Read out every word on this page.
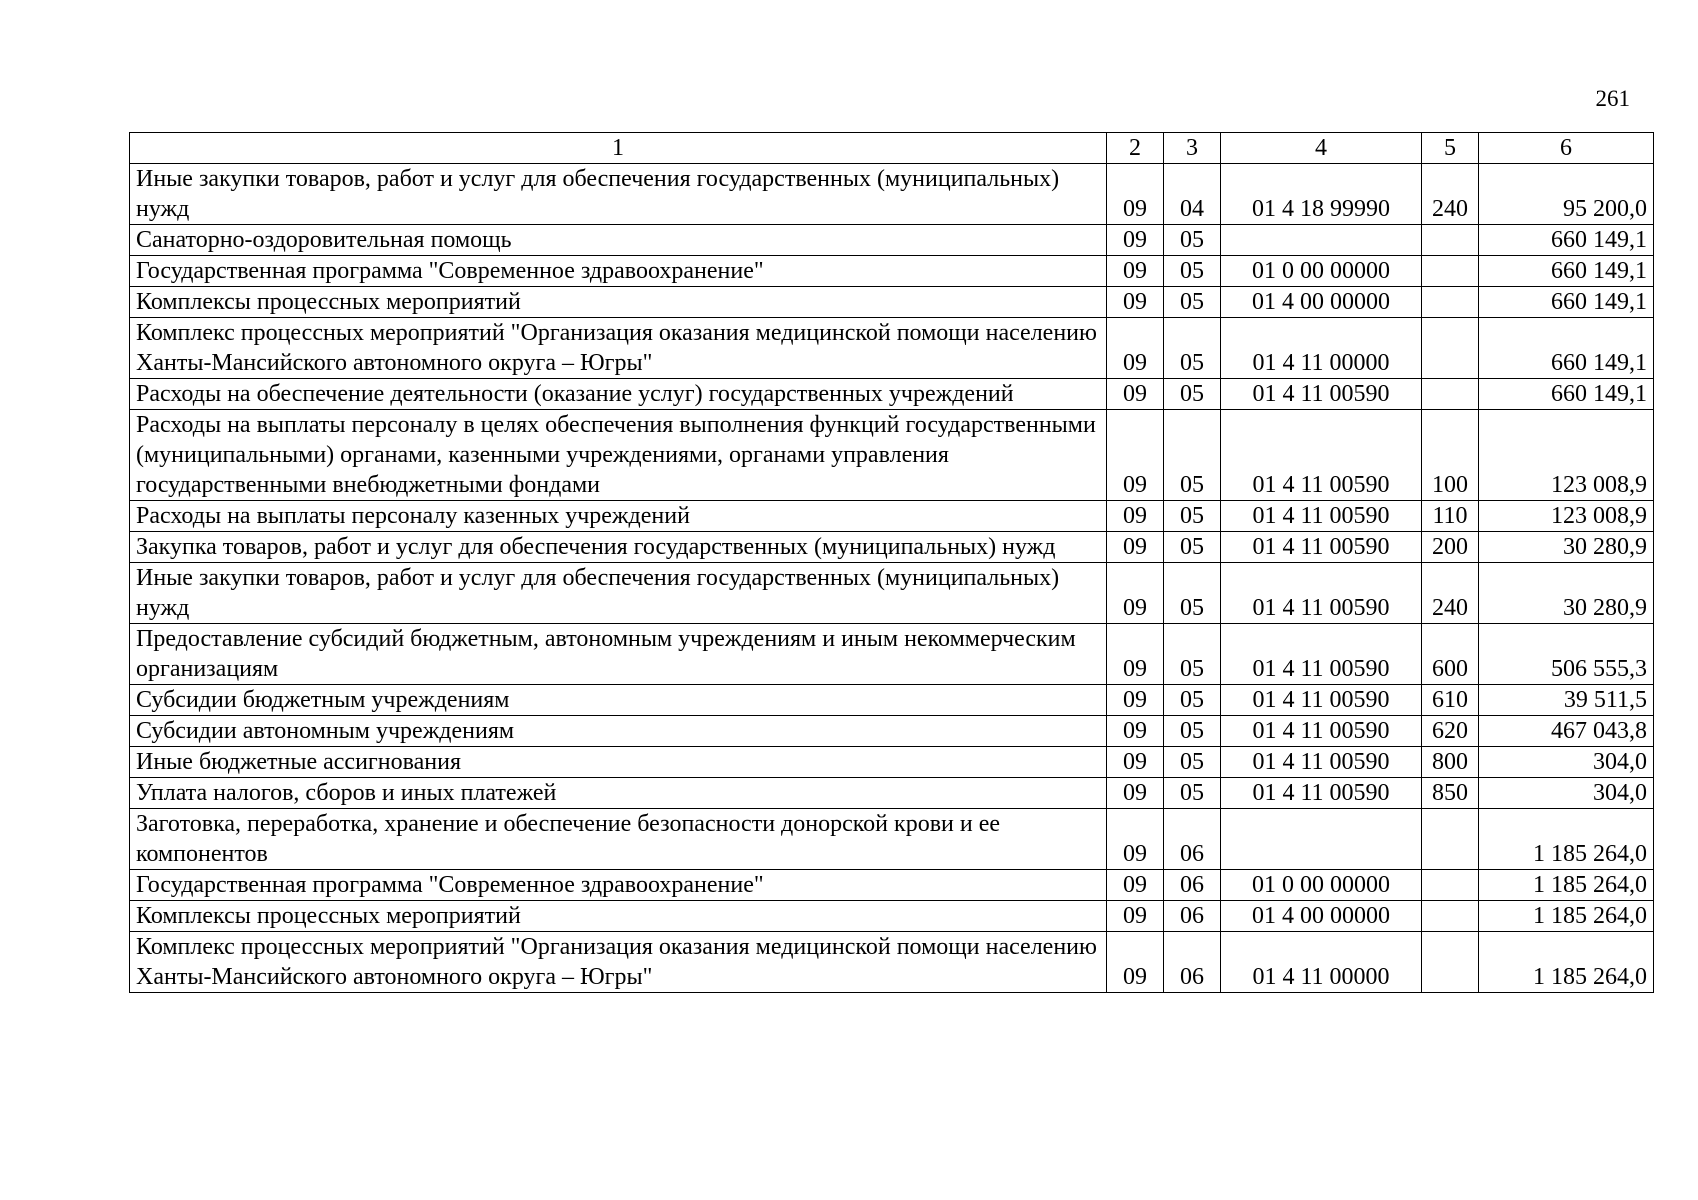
261
1	2	3	4	5	6
Иные закупки товаров, работ и услуг для обеспечения государственных (муниципальных) нужд	09	04	01 4 18 99990	240	95 200,0
Санаторно-оздоровительная помощь	09	05			660 149,1
Государственная программа "Современное здравоохранение"	09	05	01 0 00 00000		660 149,1
Комплексы процессных мероприятий	09	05	01 4 00 00000		660 149,1
Комплекс процессных мероприятий "Организация оказания медицинской помощи населению Ханты-Мансийского автономного округа – Югры"	09	05	01 4 11 00000		660 149,1
Расходы на обеспечение деятельности (оказание услуг) государственных учреждений	09	05	01 4 11 00590		660 149,1
Расходы на выплаты персоналу в целях обеспечения выполнения функций государственными (муниципальными) органами, казенными учреждениями, органами управления государственными внебюджетными фондами	09	05	01 4 11 00590	100	123 008,9
Расходы на выплаты персоналу казенных учреждений	09	05	01 4 11 00590	110	123 008,9
Закупка товаров, работ и услуг для обеспечения государственных (муниципальных) нужд	09	05	01 4 11 00590	200	30 280,9
Иные закупки товаров, работ и услуг для обеспечения государственных (муниципальных) нужд	09	05	01 4 11 00590	240	30 280,9
Предоставление субсидий бюджетным, автономным учреждениям и иным некоммерческим организациям	09	05	01 4 11 00590	600	506 555,3
Субсидии бюджетным учреждениям	09	05	01 4 11 00590	610	39 511,5
Субсидии автономным учреждениям	09	05	01 4 11 00590	620	467 043,8
Иные бюджетные ассигнования	09	05	01 4 11 00590	800	304,0
Уплата налогов, сборов и иных платежей	09	05	01 4 11 00590	850	304,0
Заготовка, переработка, хранение и обеспечение безопасности донорской крови и ее компонентов	09	06			1 185 264,0
Государственная программа "Современное здравоохранение"	09	06	01 0 00 00000		1 185 264,0
Комплексы процессных мероприятий	09	06	01 4 00 00000		1 185 264,0
Комплекс процессных мероприятий "Организация оказания медицинской помощи населению Ханты-Мансийского автономного округа – Югры"	09	06	01 4 11 00000		1 185 264,0
